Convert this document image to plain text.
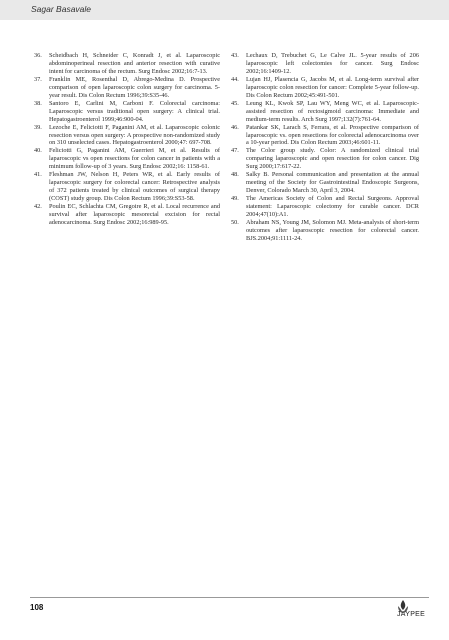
Sagar Basavale
36.	Scheidbach H, Schneider C, Konradt J, et al. Laparoscopic abdominoperineal resection and anterior resection with curative intent for carcinoma of the rectum. Surg Endosc 2002;16:7-13.
37.	Franklin ME, Rosenthal D, Abrego-Medina D. Prospective comparison of open laparoscopic colon surgery for carcinoma. 5-year result. Dis Colon Rectum 1996;39:S35-46.
38.	Santoro E, Carlini M, Carboni F. Colorectal carcinoma: Laparoscopic versus traditional open surgery: A clinical trial. Hepatogastroenterol 1999;46:900-04.
39.	Lezoche E, Feliciotti F, Paganini AM, et al. Laparoscopic colonic resection versus open surgery: A prospective non-randomized study on 310 unselected cases. Hepatogastroenterol 2000;47: 697-708.
40.	Feliciotti G, Paganini AM, Guerrieri M, et al. Results of laparoscopic vs open resections for colon cancer in patients with a minimum follow-up of 3 years. Surg Endosc 2002;16: 1158-61.
41.	Fleshman JW, Nelson H, Peters WR, et al. Early results of laparoscopic surgery for colorectal cancer: Retrospective analysis of 372 patients treated by clinical outcomes of surgical therapy (COST) study group. Dis Colon Rectum 1996;39:S53-58.
42.	Poulin EC, Schlachta CM, Gregoire R, et al. Local recurrence and survival after laparoscopic mesorectal excision for rectal adenocarcinoma. Surg Endosc 2002;16:989-95.
43.	Lechaux D, Trebuchet G, Le Calve JL. 5-year results of 206 laparoscopic left colectomies for cancer. Surg Endosc 2002;16:1409-12.
44.	Lujan HJ, Plasencia G, Jacobs M, et al. Long-term survival after laparoscopic colon resection for cancer: Complete 5-year follow-up. Dis Colon Rectum 2002;45:491-501.
45.	Leung KL, Kwok SP, Lau WY, Meng WC, et al. Laparoscopic-assisted resection of rectosigmoid carcinoma: Immediate and medium-term results. Arch Surg 1997;132(7):761-64.
46.	Patankar SK, Larach S, Ferrara, et al. Prospective comparison of laparoscopic vs. open resections for colorectal adenocarcinoma over a 10-year period. Dis Colon Rectum 2003;46:601-11.
47.	The Color group study. Color: A randomized clinical trial comparing laparoscopic and open resection for colon cancer. Dig Surg 2000;17:617-22.
48.	Salky B. Personal communication and presentation at the annual meeting of the Society for Gastrointestinal Endoscopic Surgeons, Denver, Colorado March 30, April 3, 2004.
49.	The Americas Society of Colon and Rectal Surgeons. Approval statement: Laparoscopic colectomy for curable cancer. DCR 2004;47(10):A1.
50.	Abraham NS, Young JM, Solomon MJ. Meta-analysis of short-term outcomes after laparoscopic resection for colorectal cancer. BJS.2004;91:1111-24.
108
JAYPEE
